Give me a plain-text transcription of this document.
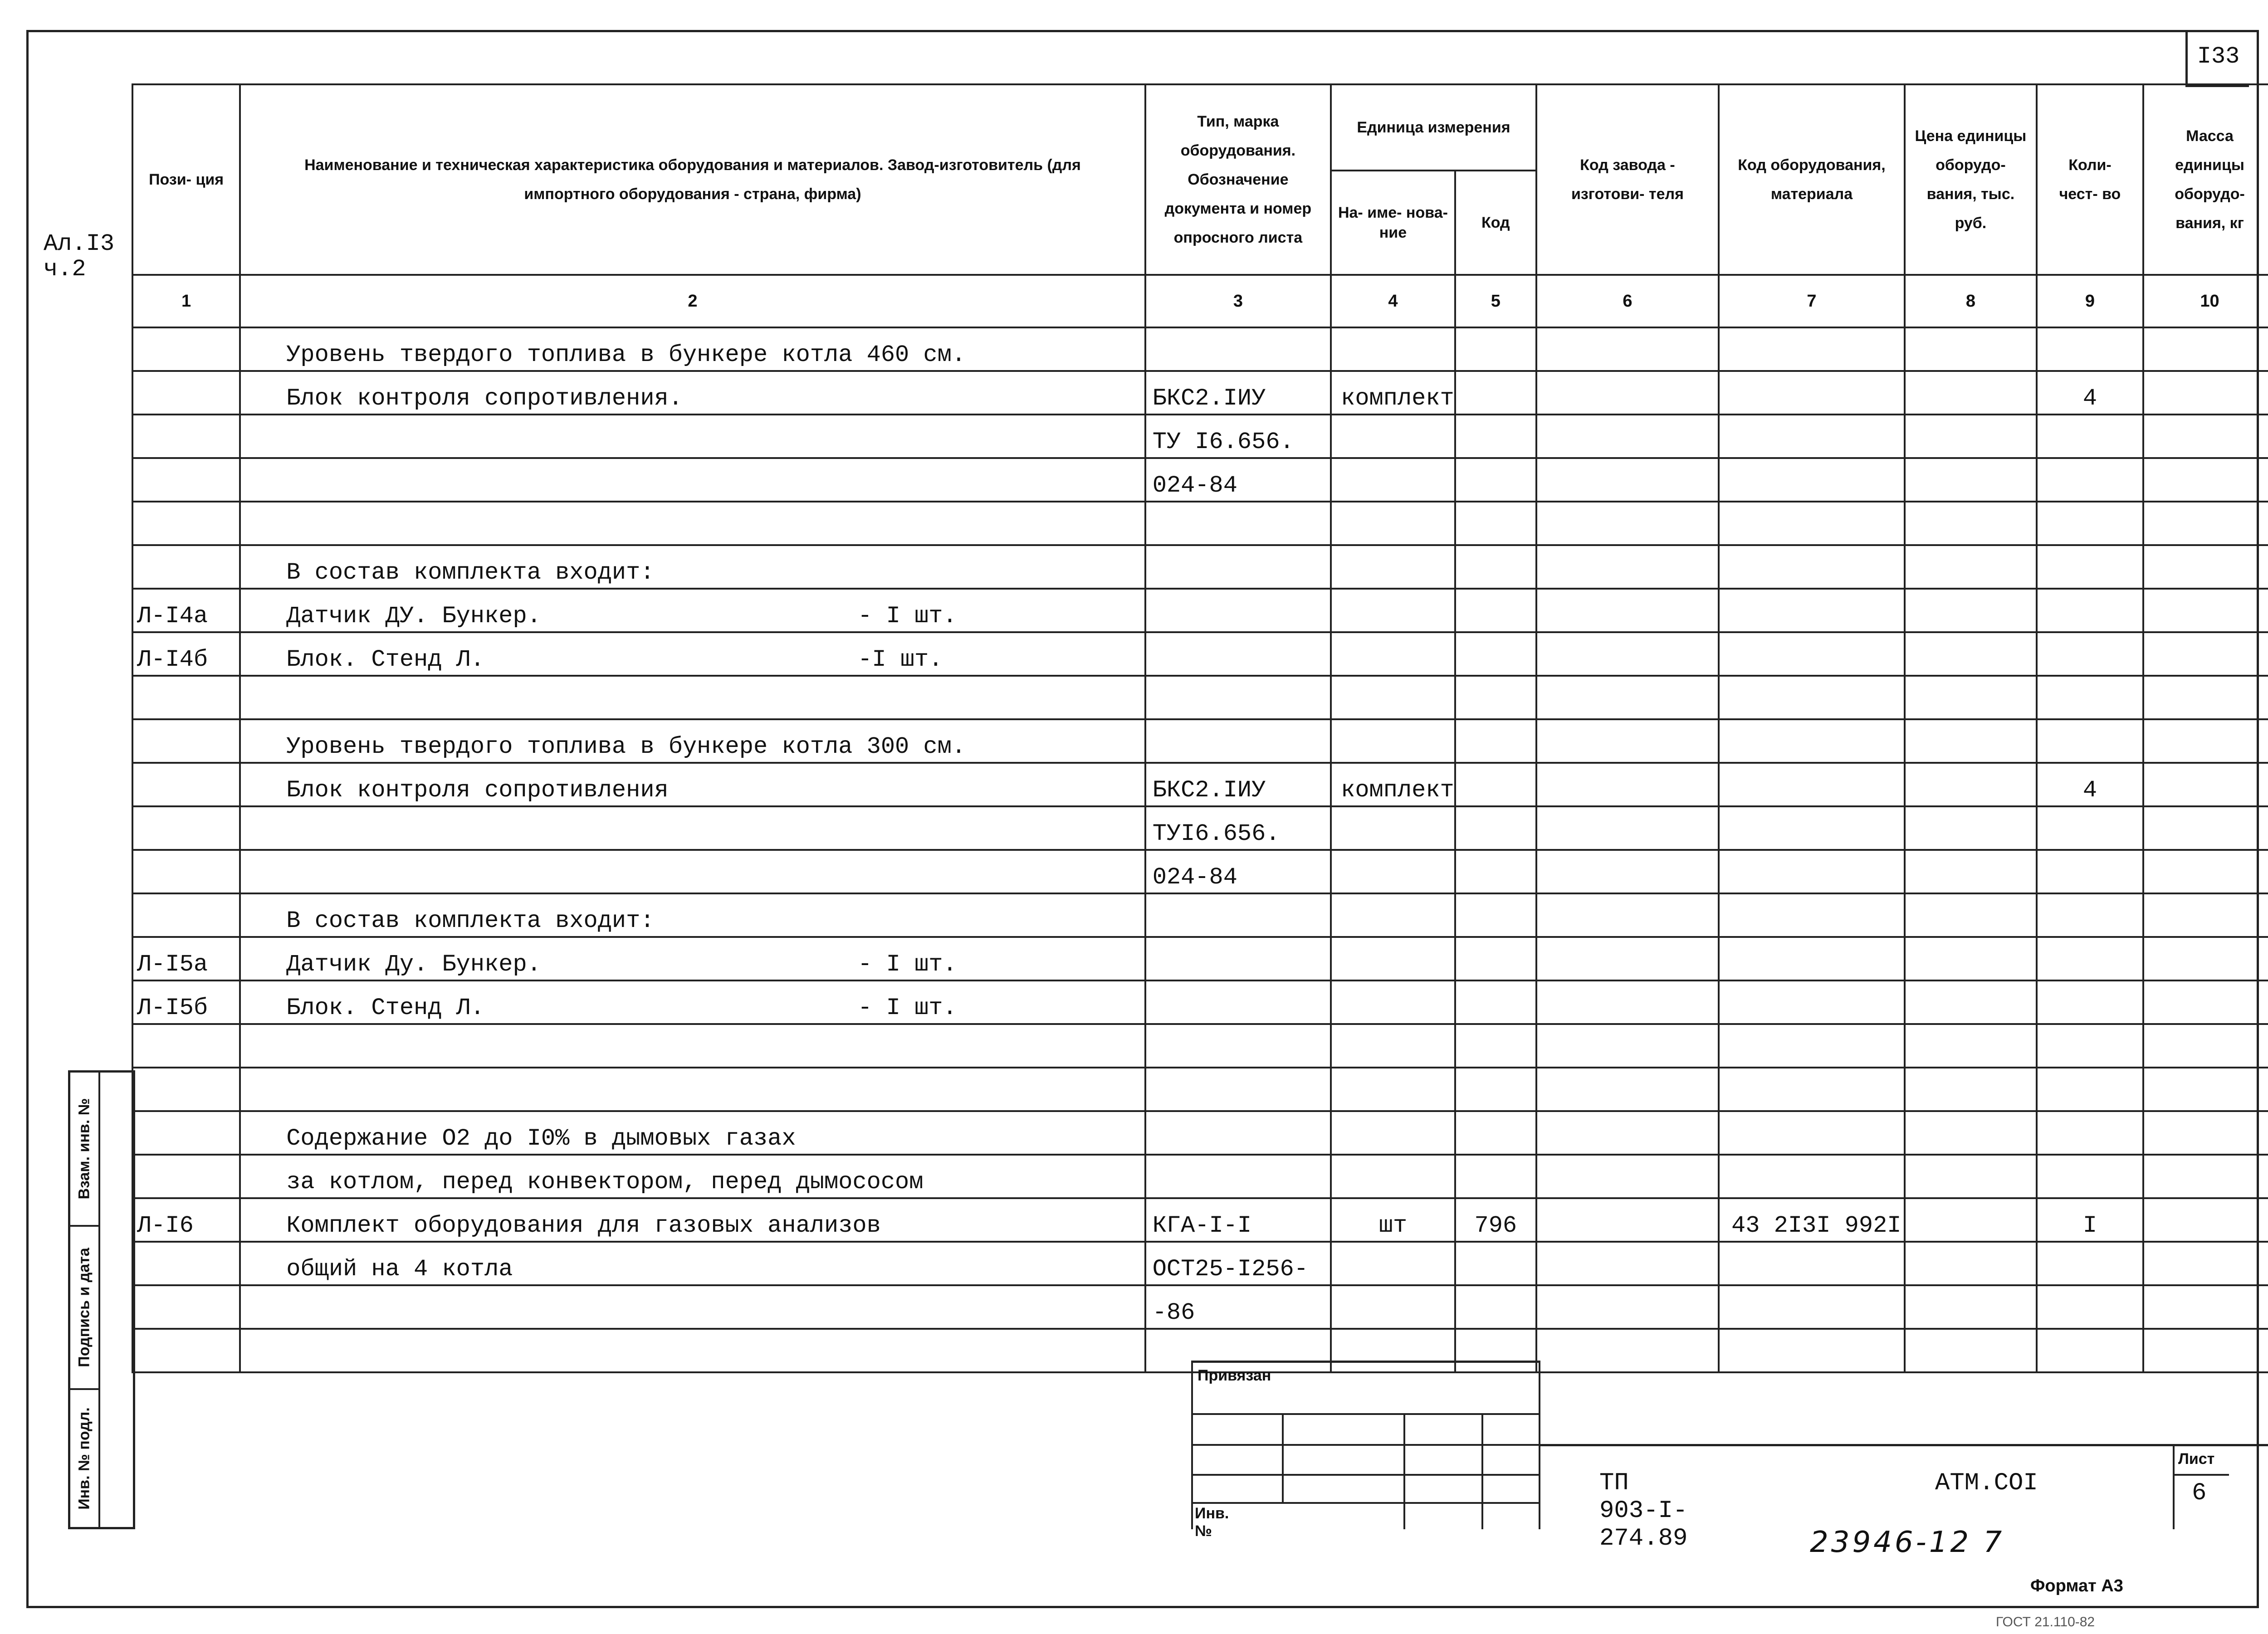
I33
Ал.I3
ч.2
Пози- ция	Наименование и техническая характеристика оборудования и материалов. Завод-изготовитель (для импортного оборудования - страна, фирма)	Тип, марка оборудования. Обозначение документа и номер опросного листа	Единица измерения		Код завода - изготови- теля	Код оборудования, материала	Цена единицы оборудо- вания, тыс. руб.	Коли- чест- во	Масса единицы оборудо- вания, кг
			На- име- нова- ние	Код					
1	2	3	4	5	6	7	8	9	10
	Уровень твердого топлива в бункере котла 460 см.

	Блок контроля сопротивления.	БКС2.IИУ	комплект					4	

	ТУ I6.656.							

	024-84							

	В состав комплекта входит:

Л-I4а	Датчик ДУ. Бункер. - I шт.								

Л-I4б	Блок. Стенд Л. -I шт.								

	Уровень твердого топлива в бункере котла 300 см.

	Блок контроля сопротивления	БКС2.IИУ	комплект					4	

	ТУI6.656.							

	024-84							
	В состав комплекта входит:

Л-I5а	Датчик Ду. Бункер. - I шт.								

Л-I5б	Блок. Стенд Л. - I шт.								

	Содержание O2 до I0% в дымовых газах

	за котлом, перед конвектором, перед дымососом

Л-I6	Комплект оборудования для газовых анализов	КГА-I-I	шт	796		43 2I3I 992I		I	
	общий на 4 котла	ОСТ25-I256-							

	-86							

Взам. инв. №
Подпись и дата
Инв. № подл.
Привязан
Инв. №
ТП 903-I-274.89
АТМ.СОI
Лист
6
23946-12 7
Формат А3
ГОСТ 21.110-82
